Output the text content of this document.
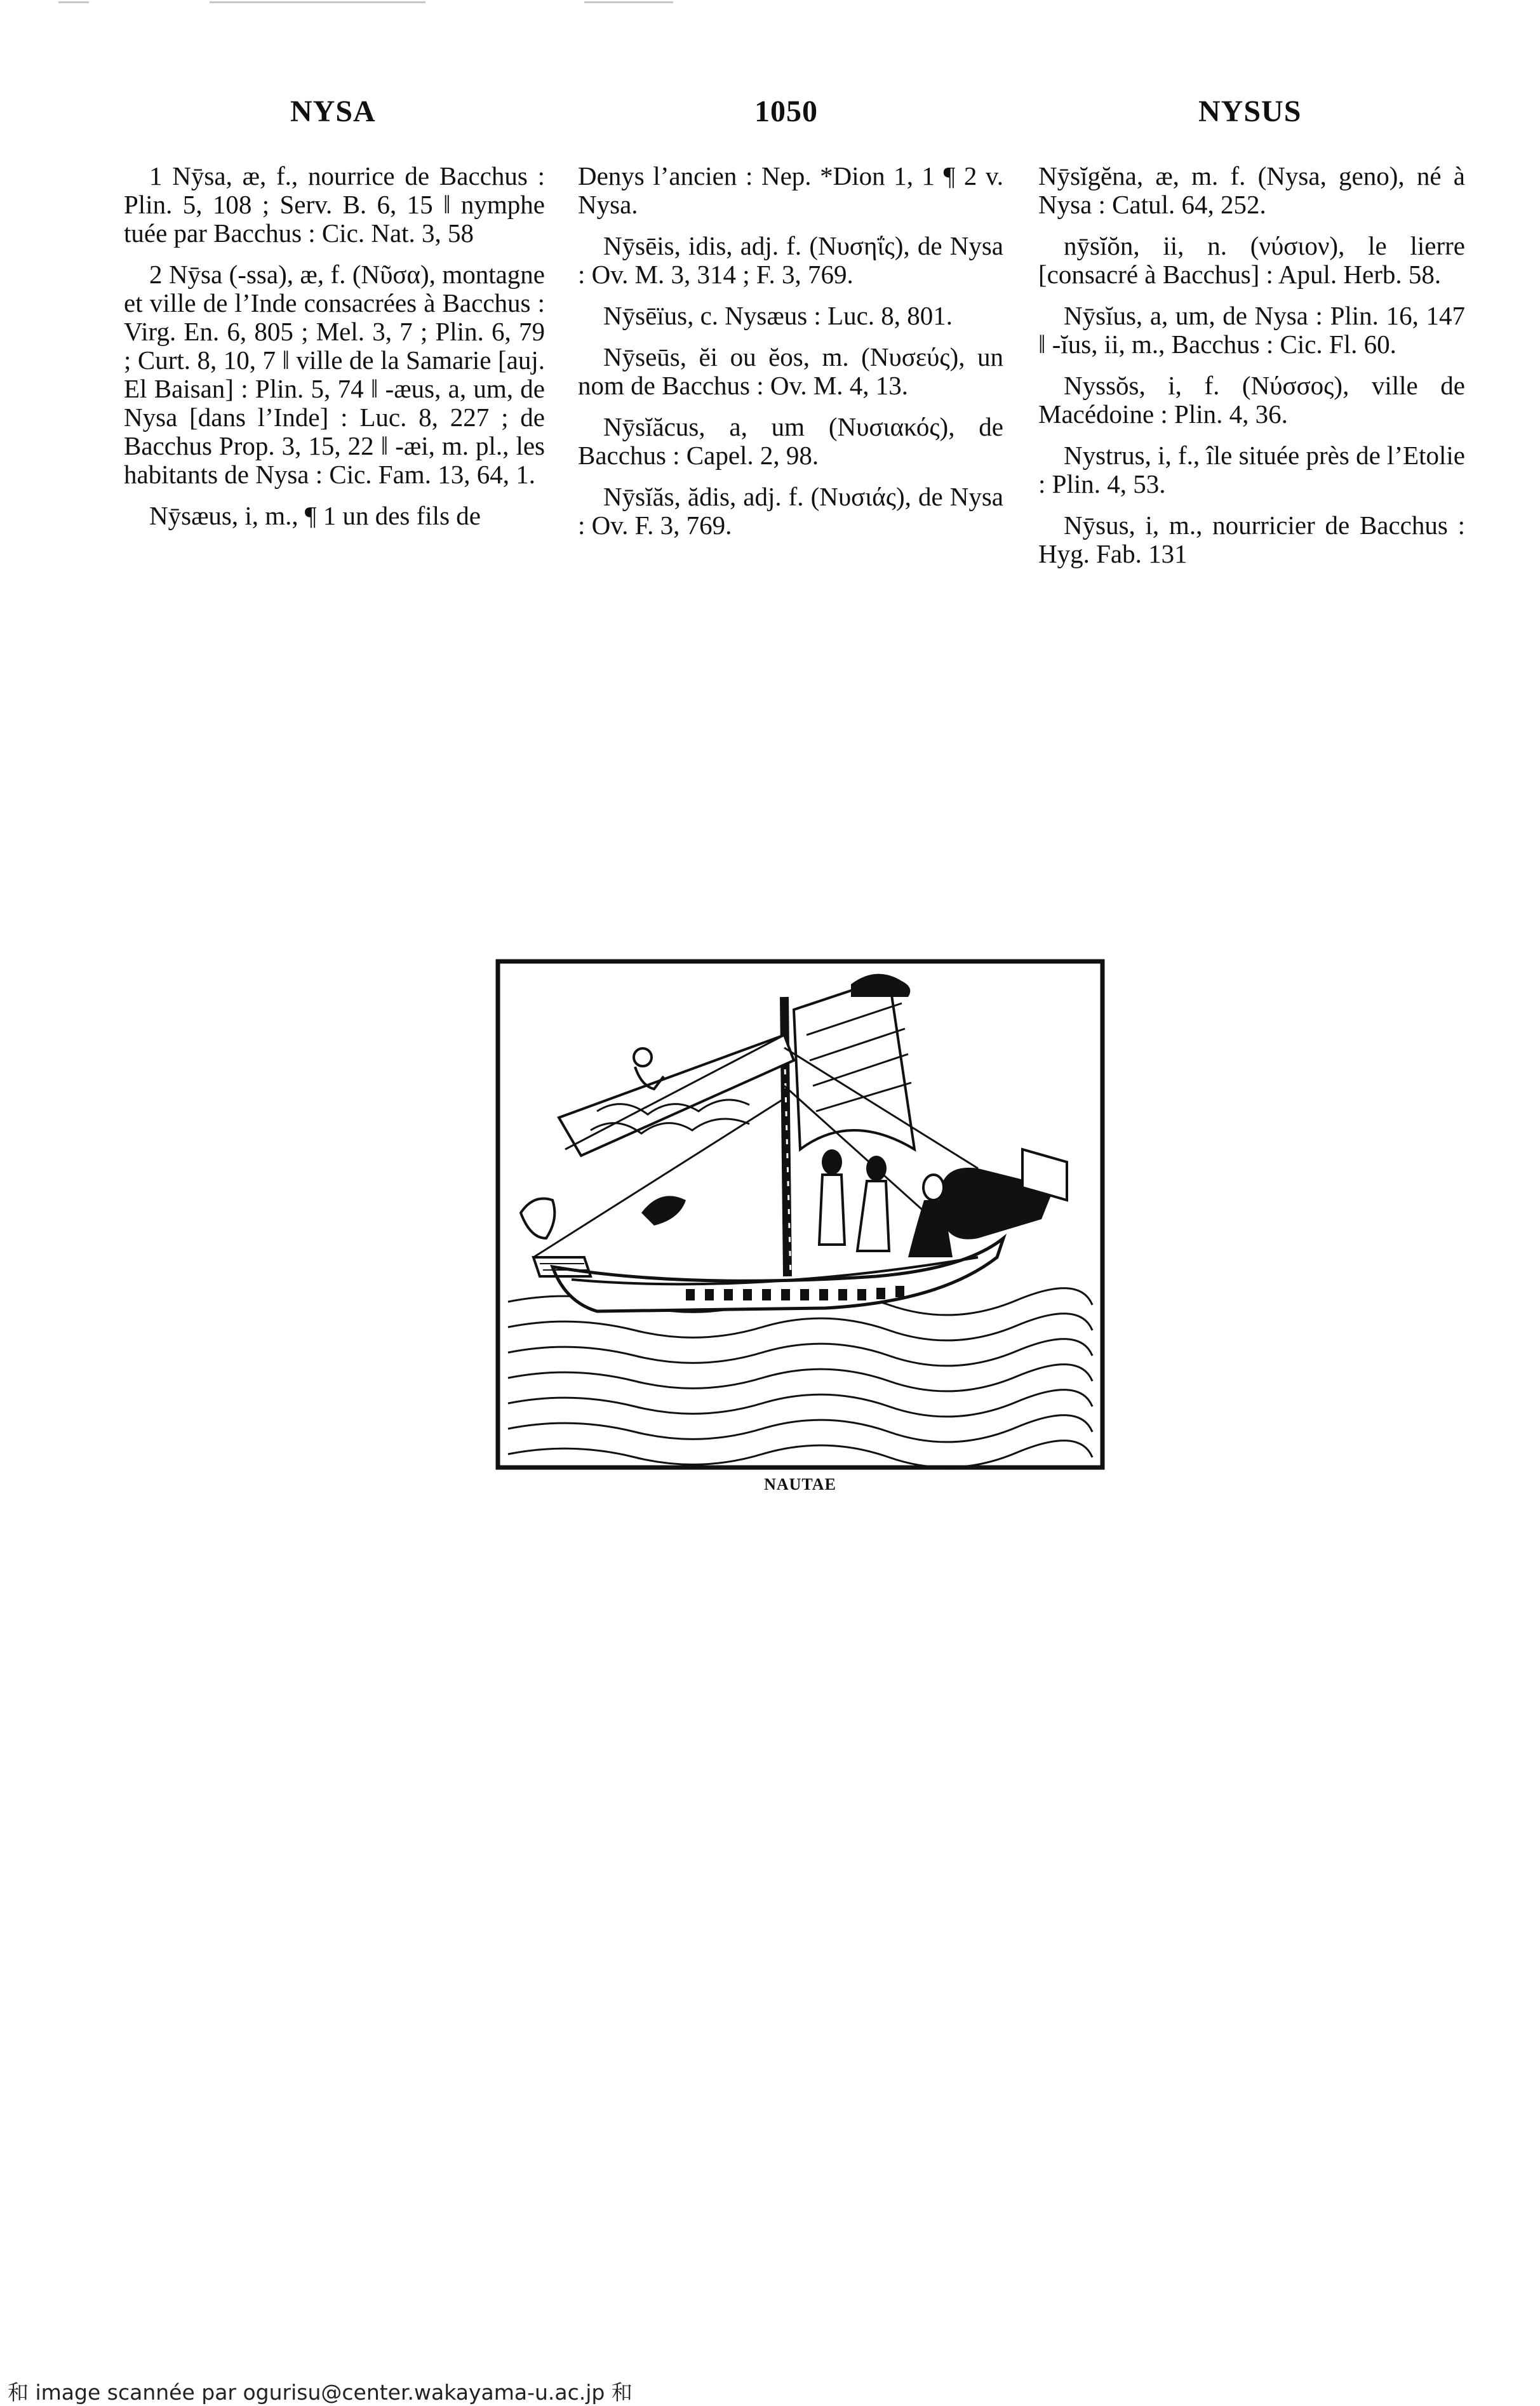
NYSA	1050	NYSUS

1 Nȳsa, æ, f., nourrice de Bacchus : Plin. 5, 108 ; Serv. B. 6, 15 ‖ nymphe tuée par Bacchus : Cic. Nat. 3, 58

2 Nȳsa (-ssa), æ, f. (Νῦσα), montagne et ville de l’Inde consacrées à Bacchus : Virg. En. 6, 805 ; Mel. 3, 7 ; Plin. 6, 79 ; Curt. 8, 10, 7 ‖ ville de la Samarie [auj. El Baisan] : Plin. 5, 74 ‖ -æus, a, um, de Nysa [dans l’Inde] : Luc. 8, 227 ; de Bacchus Prop. 3, 15, 22 ‖ -æi, m. pl., les habitants de Nysa : Cic. Fam. 13, 64, 1.

Nȳsæus, i, m., ¶ 1 un des fils de

Denys l’ancien : Nep. *Dion 1, 1 ¶ 2 v. Nysa.

Nȳsēis, idis, adj. f. (Νυσηΐς), de Nysa : Ov. M. 3, 314 ; F. 3, 769.

Nȳsēïus, c. Nysæus : Luc. 8, 801.

Nȳseūs, ĕi ou ĕos, m. (Νυσεύς), un nom de Bacchus : Ov. M. 4, 13.

Nȳsĭăcus, a, um (Νυσιακός), de Bacchus : Capel. 2, 98.

Nȳsĭăs, ădis, adj. f. (Νυσιάς), de Nysa : Ov. F. 3, 769.

Nȳsĭgĕna, æ, m. f. (Nysa, geno), né à Nysa : Catul. 64, 252.

nȳsĭŏn, ii, n. (νύσιον), le lierre [consacré à Bacchus] : Apul. Herb. 58.

Nȳsĭus, a, um, de Nysa : Plin. 16, 147 ‖ -ĭus, ii, m., Bacchus : Cic. Fl. 60.

Nyssŏs, i, f. (Νύσσος), ville de Macédoine : Plin. 4, 36.

Nystrus, i, f., île située près de l’Etolie : Plin. 4, 53.

Nȳsus, i, m., nourricier de Bacchus : Hyg. Fab. 131

NAUTAE
和 image scannée par ogurisu@center.wakayama-u.ac.jp 和
